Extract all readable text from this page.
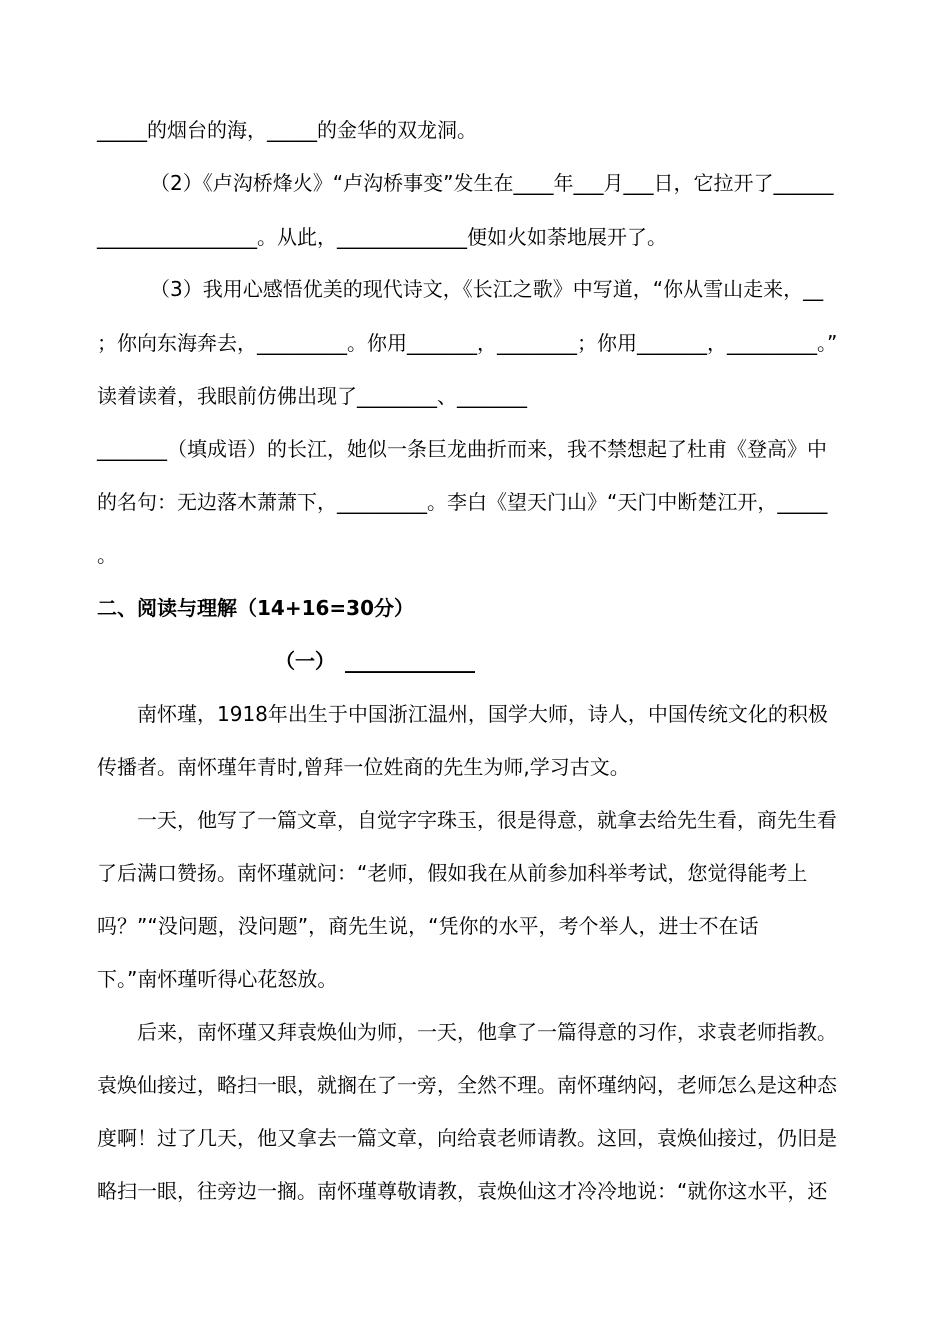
_____的烟台的海，_____的金华的双龙洞。
（2）《卢沟桥烽火》“卢沟桥事变”发生在____年___月___日，它拉开了______
________________。从此，_____________便如火如荼地展开了。
（3）我用心感悟优美的现代诗文，《长江之歌》中写道，“你从雪山走来，__
；你向东海奔去，_________。你用_______，________；你用_______，_________。”
读着读着，我眼前仿佛出现了________、_______
_______（填成语）的长江，她似一条巨龙曲折而来，我不禁想起了杜甫《登高》中
的名句：无边落木萧萧下，_________。李白《望天门山》“天门中断楚江开，_____
。
二、阅读与理解（14+16=30分）
（一）　_____________
南怀瑾，1918年出生于中国浙江温州，国学大师，诗人，中国传统文化的积极
传播者。南怀瑾年青时,曾拜一位姓商的先生为师,学习古文。
一天，他写了一篇文章，自觉字字珠玉，很是得意，就拿去给先生看，商先生看
了后满口赞扬。南怀瑾就问：“老师，假如我在从前参加科举考试，您觉得能考上
吗？”“没问题，没问题”，商先生说，“凭你的水平，考个举人，进士不在话
下。”南怀瑾听得心花怒放。
后来，南怀瑾又拜袁焕仙为师，一天，他拿了一篇得意的习作，求袁老师指教。
袁焕仙接过，略扫一眼，就搁在了一旁，全然不理。南怀瑾纳闷，老师怎么是这种态
度啊！过了几天，他又拿去一篇文章，向给袁老师请教。这回，袁焕仙接过，仍旧是
略扫一眼，往旁边一搁。南怀瑾尊敬请教，袁焕仙这才冷冷地说：“就你这水平，还
